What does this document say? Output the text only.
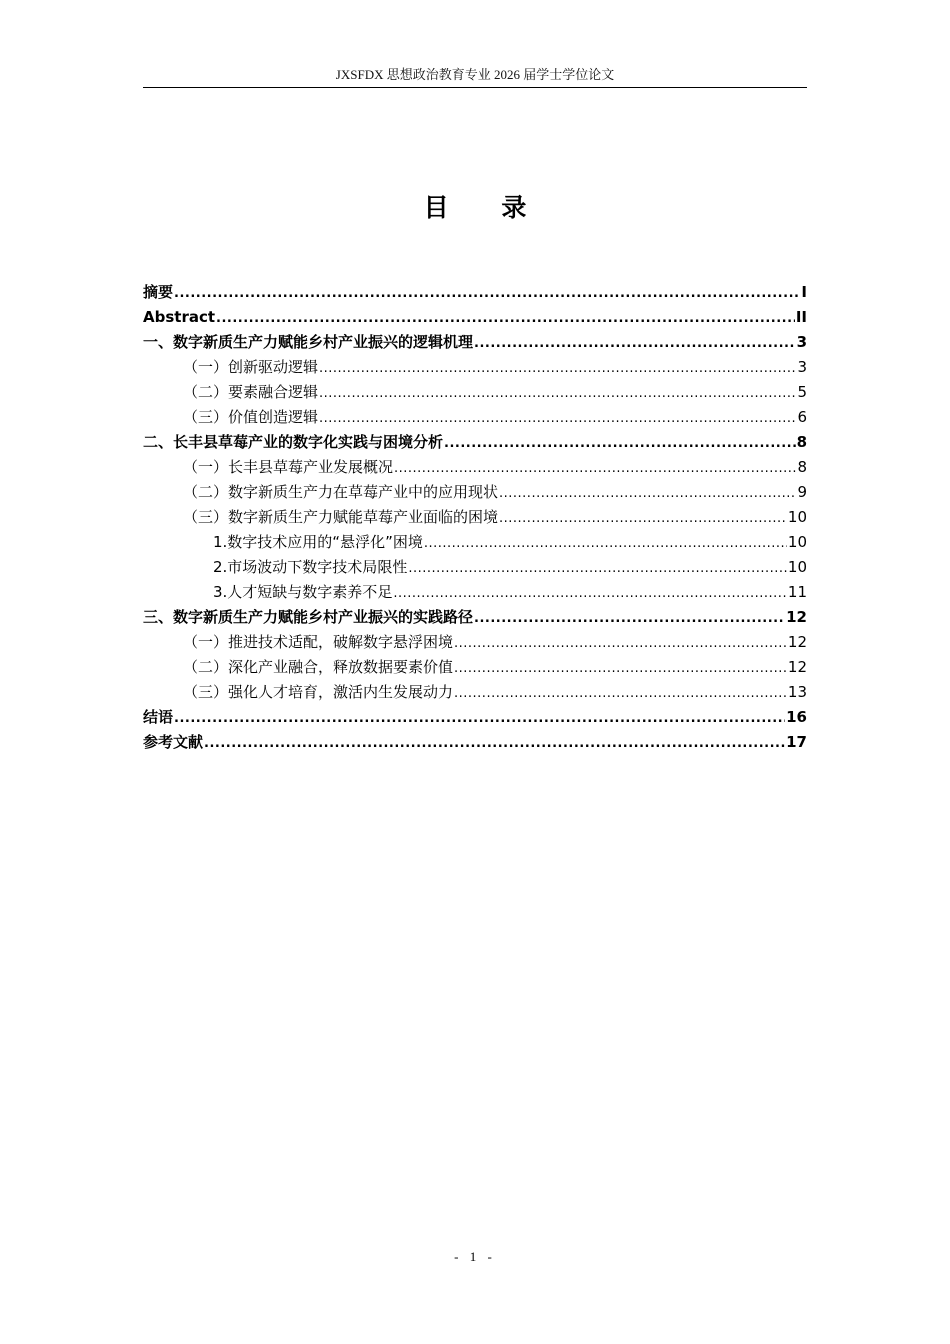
JXSFDX 思想政治教育专业 2026 届学士学位论文
目 录
摘要 .....	I
Abstract .....	II
一、数字新质生产力赋能乡村产业振兴的逻辑机理 .....	3
（一）创新驱动逻辑 .....	3
（二）要素融合逻辑 .....	5
（三）价值创造逻辑 .....	6
二、长丰县草莓产业的数字化实践与困境分析 .....	8
（一）长丰县草莓产业发展概况 .....	8
（二）数字新质生产力在草莓产业中的应用现状 .....	9
（三）数字新质生产力赋能草莓产业面临的困境 .....	10
1.数字技术应用的“悬浮化”困境 .....	10
2.市场波动下数字技术局限性 .....	10
3.人才短缺与数字素养不足 .....	11
三、数字新质生产力赋能乡村产业振兴的实践路径 .....	12
（一）推进技术适配，破解数字悬浮困境 .....	12
（二）深化产业融合，释放数据要素价值 .....	12
（三）强化人才培育，激活内生发展动力 .....	13
结语 .....	16
参考文献 .....	17
- 1 -
